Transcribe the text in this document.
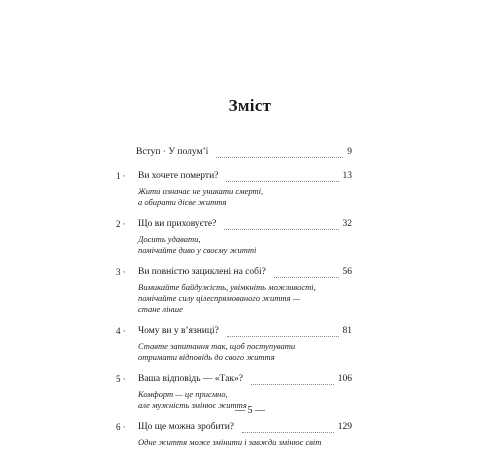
Зміст
Вступ · У полум’ї	9
1 ·	Ви хочете померти?	13
Жити означає не уникати смерті,
а обирати дієве життя
2 ·	Що ви приховуєте?	32
Досить удавати,
помічайте диво у своєму житті
3 ·	Ви повністю зациклені на собі?	56
Вимикайте байдужість, увімкніть можливості,
помічайте силу цілеспрямованого життя —
стане лінше
4 ·	Чому ви у в’язниці?	81
Ставте запитання так, щоб поступувати
отримати відповідь до свого життя
5 ·	Ваша відповідь — «Так»?	106
Комфорт — це приємно,
але мужність змінює життя
6 ·	Що ще можна зробити?	129
Одне життя може змінити і завжди змінює світ
— 5 —
